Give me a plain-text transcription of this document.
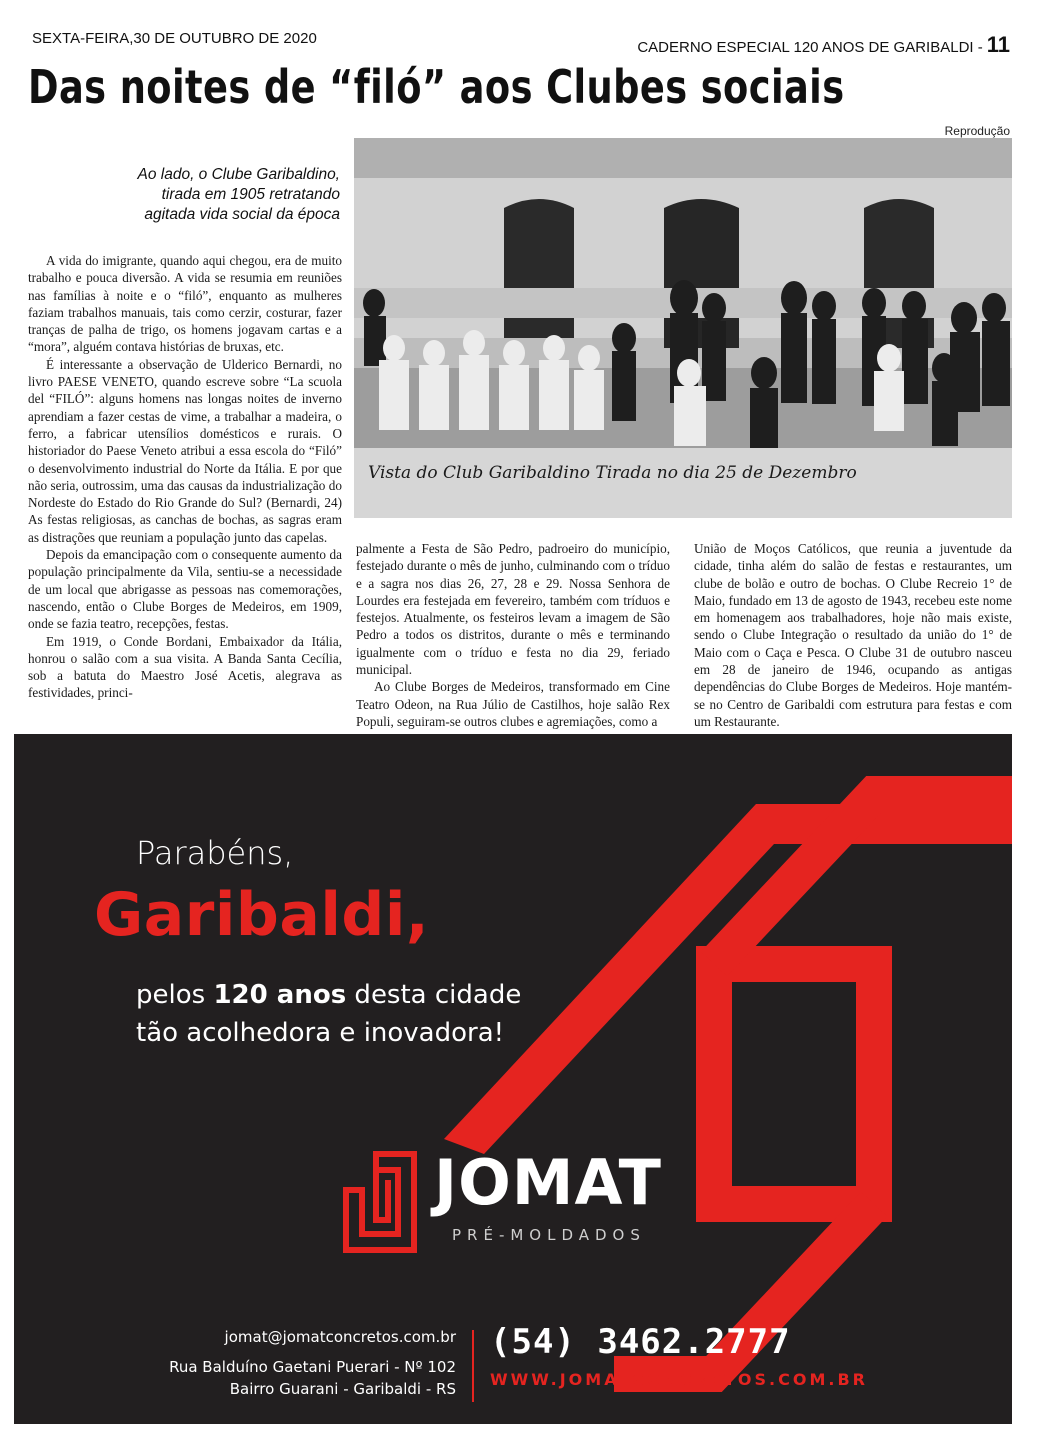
SEXTA-FEIRA,30 DE OUTUBRO DE 2020
CADERNO ESPECIAL 120 ANOS DE GARIBALDI - 11
Das noites de “filó” aos Clubes sociais
Reprodução
Ao lado, o Clube Garibaldino, tirada em 1905 retratando agitada vida social da época
Vista do Club Garibaldino Tirada no dia 25 de Dezembro

A vida do imigrante, quando aqui chegou, era de muito trabalho e pouca diversão. A vida se resumia em reuniões nas famílias à noite e o “filó”, enquanto as mulheres faziam trabalhos manuais, tais como cerzir, costurar, fazer tranças de palha de trigo, os homens jogavam cartas e a “mora”, alguém contava histórias de bruxas, etc.

É interessante a observação de Ulderico Bernardi, no livro PAESE VENETO, quando escreve sobre “La scuola del “FILÓ”: alguns homens nas longas noites de inverno aprendiam a fazer cestas de vime, a trabalhar a madeira, o ferro, a fabricar utensílios domésticos e rurais. O historiador do Paese Veneto atribui a essa escola do “Filó” o desenvolvimento industrial do Norte da Itália. E por que não seria, outrossim, uma das causas da industrialização do Nordeste do Estado do Rio Grande do Sul? (Bernardi, 24) As festas religiosas, as canchas de bochas, as sagras eram as distrações que reuniam a população junto das capelas.

Depois da emancipação com o consequente aumento da população principalmente da Vila, sentiu-se a necessidade de um local que abrigasse as pessoas nas comemorações, nascendo, então o Clube Borges de Medeiros, em 1909, onde se fazia teatro, recepções, festas.

Em 1919, o Conde Bordani, Embaixador da Itália, honrou o salão com a sua visita. A Banda Santa Cecília, sob a batuta do Maestro José Acetis, alegrava as festividades, princi-

palmente a Festa de São Pedro, padroeiro do município, festejado durante o mês de junho, culminando com o tríduo e a sagra nos dias 26, 27, 28 e 29. Nossa Senhora de Lourdes era festejada em fevereiro, também com tríduos e festejos. Atualmente, os festeiros levam a imagem de São Pedro a todos os distritos, durante o mês e terminando igualmente com o tríduo e festa no dia 29, feriado municipal.

Ao Clube Borges de Medeiros, transformado em Cine Teatro Odeon, na Rua Júlio de Castilhos, hoje salão Rex Populi, seguiram-se outros clubes e agremiações, como a

União de Moços Católicos, que reunia a juventude da cidade, tinha além do salão de festas e restaurantes, um clube de bolão e outro de bochas. O Clube Recreio 1° de Maio, fundado em 13 de agosto de 1943, recebeu este nome em homenagem aos trabalhadores, hoje não mais existe, sendo o Clube Integração o resultado da união do 1° de Maio com o Caça e Pesca. O Clube 31 de outubro nasceu em 28 de janeiro de 1946, ocupando as antigas dependências do Clube Borges de Medeiros. Hoje mantém-se no Centro de Garibaldi com estrutura para festas e com um Restaurante.

Parabéns,
Garibaldi,
pelos 120 anos desta cidade
tão acolhedora e inovadora!
JOMAT
PRÉ-MOLDADOS
jomat@jomatconcretos.com.br
Rua Balduíno Gaetani Puerari - Nº 102
Bairro Guarani - Garibaldi - RS
(54) 3462.2777
WWW.JOMATCONCRETOS.COM.BR
